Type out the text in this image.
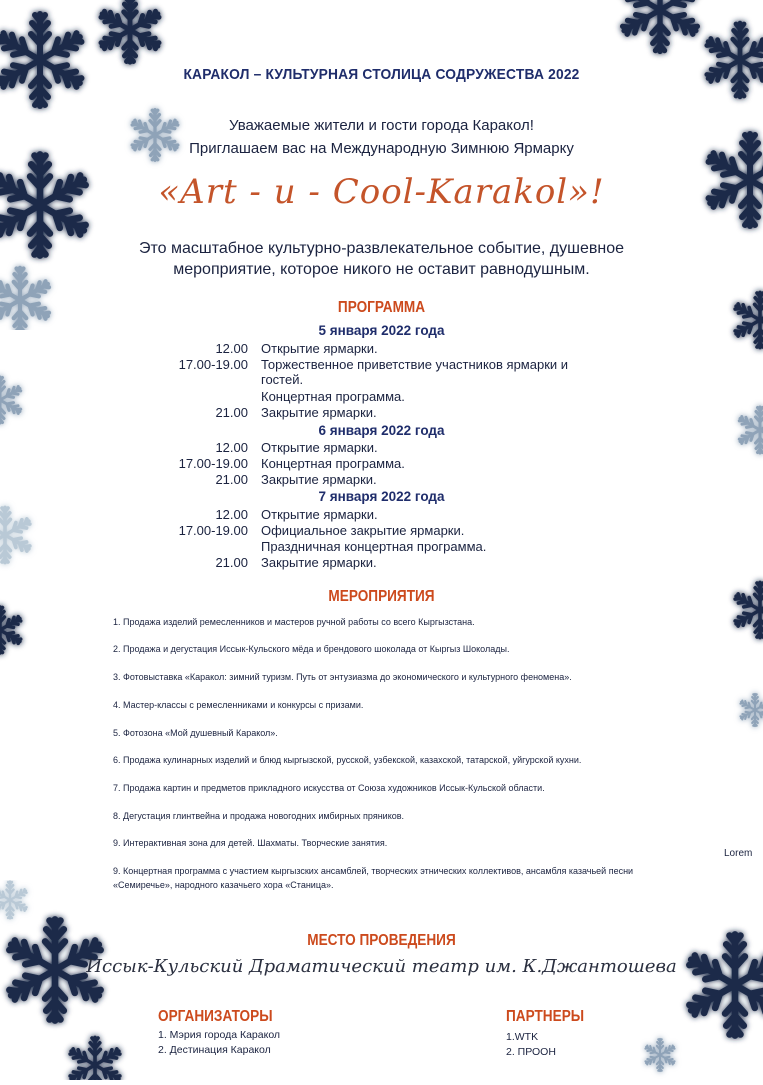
КАРАКОЛ – КУЛЬТУРНАЯ СТОЛИЦА СОДРУЖЕСТВА 2022
Уважаемые жители и гости города Каракол!
Приглашаем вас на Международную Зимнюю Ярмарку
«Art - и - Cool-Karakol»!
Это масштабное культурно-развлекательное событие, душевное мероприятие, которое никого не оставит равнодушным.
ПРОГРАММА
5 января 2022 года
12.00 Открытие ярмарки.
17.00-19.00 Торжественное приветствие участников ярмарки и гостей.
Концертная программа.
21.00 Закрытие ярмарки.
6 января 2022 года
12.00 Открытие ярмарки.
17.00-19.00 Концертная программа.
21.00 Закрытие ярмарки.
7 января 2022 года
12.00 Открытие ярмарки.
17.00-19.00 Официальное закрытие ярмарки.
Праздничная концертная программа.
21.00 Закрытие ярмарки.
МЕРОПРИЯТИЯ
1. Продажа изделий ремесленников и мастеров ручной работы со всего Кыргызстана.
2. Продажа и дегустация Иссык-Кульского мёда и брендового шоколада от Кыргыз Шоколады.
3. Фотовыставка «Каракол: зимний туризм. Путь от энтузиазма до экономического и культурного феномена».
4. Мастер-классы с ремесленниками и конкурсы с призами.
5. Фотозона «Мой душевный Каракол».
6. Продажа кулинарных изделий и блюд кыргызской, русской, узбекской, казахской, татарской, уйгурской кухни.
7. Продажа картин и предметов прикладного искусства от Союза художников Иссык-Кульской области.
8. Дегустация глинтвейна и продажа новогодних имбирных пряников.
9. Интерактивная зона для детей. Шахматы. Творческие занятия.
9. Концертная программа с участием кыргызских ансамблей, творческих этнических коллективов, ансамбля казачьей песни «Семиречье», народного казачьего хора «Станица».
Lorem
МЕСТО ПРОВЕДЕНИЯ
Иссык-Кульский Драматический театр им. К.Джантошева
ОРГАНИЗАТОРЫ
1. Мэрия города Каракол
2. Дестинация Каракол
ПАРТНЕРЫ
1.WTK
2. ПРООН
